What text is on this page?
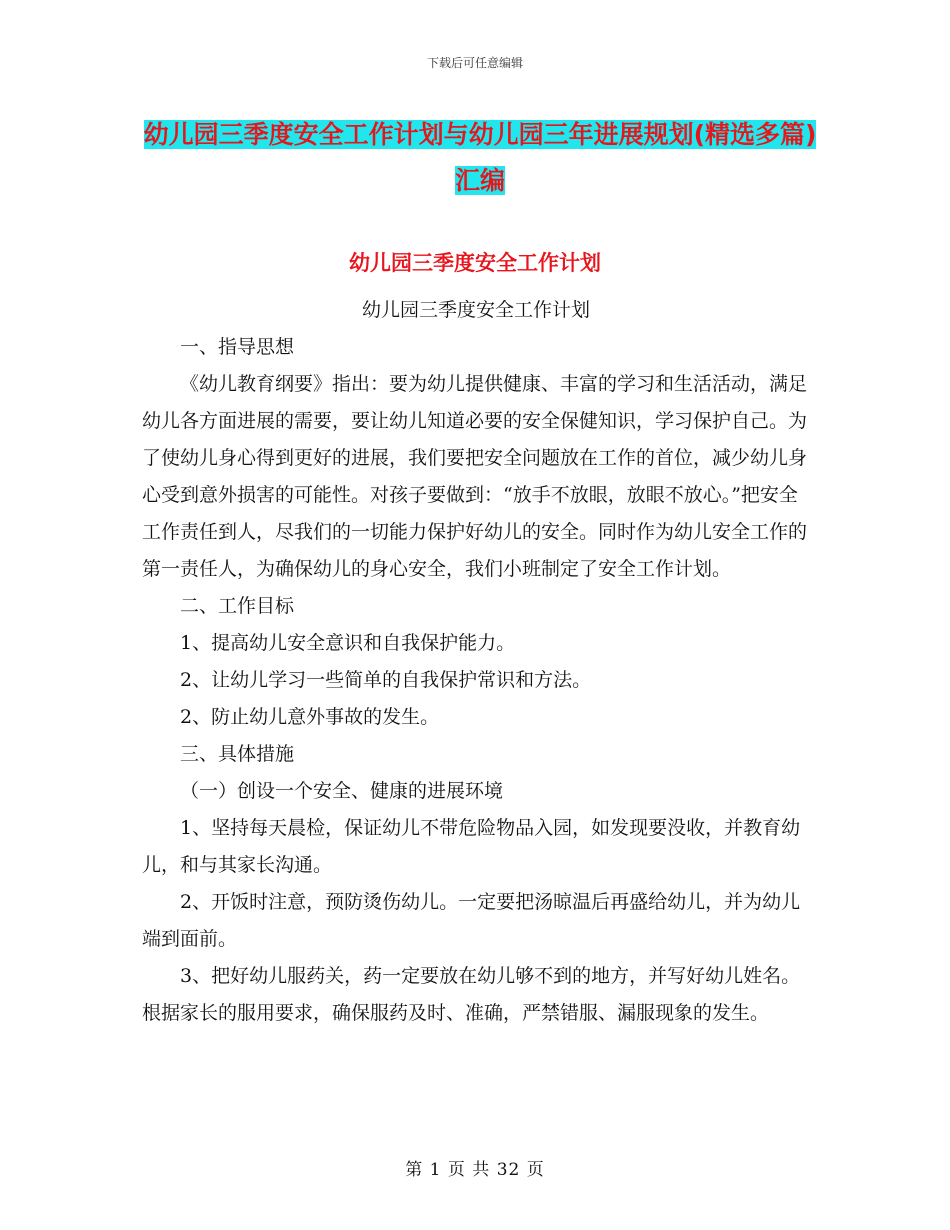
下载后可任意编辑
幼儿园三季度安全工作计划与幼儿园三年进展规划(精选多篇)汇编
幼儿园三季度安全工作计划

幼儿园三季度安全工作计划

一、指导思想

《幼儿教育纲要》指出：要为幼儿提供健康、丰富的学习和生活活动，满足幼儿各方面进展的需要，要让幼儿知道必要的安全保健知识，学习保护自己。为了使幼儿身心得到更好的进展，我们要把安全问题放在工作的首位，减少幼儿身心受到意外损害的可能性。对孩子要做到：“放手不放眼，放眼不放心。”把安全工作责任到人，尽我们的一切能力保护好幼儿的安全。同时作为幼儿安全工作的第一责任人，为确保幼儿的身心安全，我们小班制定了安全工作计划。

二、工作目标

1、提高幼儿安全意识和自我保护能力。

2、让幼儿学习一些简单的自我保护常识和方法。

2、防止幼儿意外事故的发生。

三、具体措施

（一）创设一个安全、健康的进展环境

1、坚持每天晨检，保证幼儿不带危险物品入园，如发现要没收，并教育幼儿，和与其家长沟通。

2、开饭时注意，预防烫伤幼儿。一定要把汤晾温后再盛给幼儿，并为幼儿端到面前。

3、把好幼儿服药关，药一定要放在幼儿够不到的地方，并写好幼儿姓名。根据家长的服用要求，确保服药及时、准确，严禁错服、漏服现象的发生。

第 1 页 共 32 页
